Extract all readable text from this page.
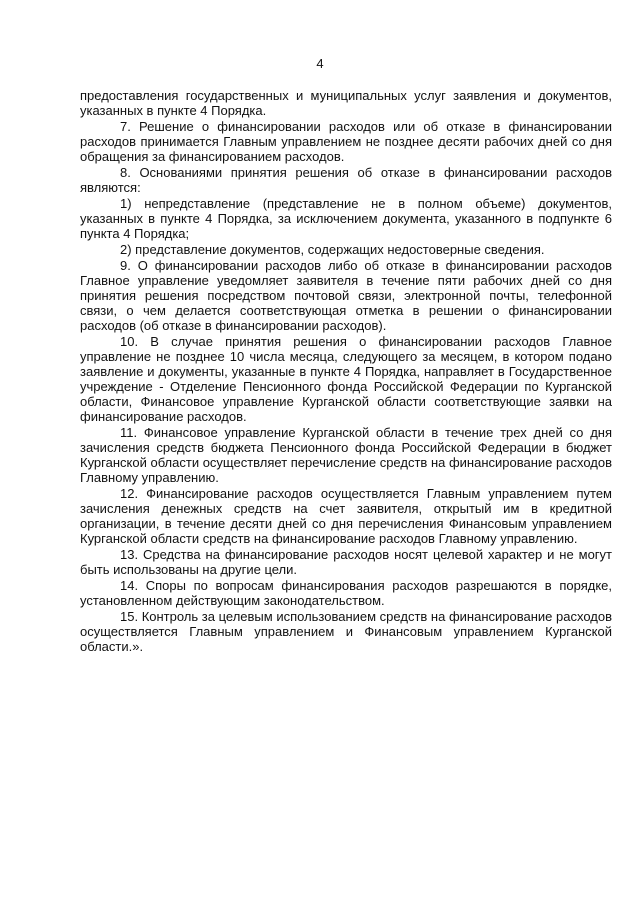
4

предоставления государственных и муниципальных услуг заявления и документов, указанных в пункте 4 Порядка.

7. Решение о финансировании расходов или об отказе в финансировании расходов принимается Главным управлением не позднее десяти рабочих дней со дня обращения за финансированием расходов.

8. Основаниями принятия решения об отказе в финансировании расходов являются:

1) непредставление (представление не в полном объеме) документов, указанных в пункте 4 Порядка, за исключением документа, указанного в подпункте 6 пункта 4 Порядка;

2) представление документов, содержащих недостоверные сведения.

9. О финансировании расходов либо об отказе в финансировании расходов Главное управление уведомляет заявителя в течение пяти рабочих дней со дня принятия решения посредством почтовой связи, электронной почты, телефонной связи, о чем делается соответствующая отметка в решении о финансировании расходов (об отказе в финансировании расходов).

10. В случае принятия решения о финансировании расходов Главное управление не позднее 10 числа месяца, следующего за месяцем, в котором подано заявление и документы, указанные в пункте 4 Порядка, направляет в Государственное учреждение - Отделение Пенсионного фонда Российской Федерации по Курганской области, Финансовое управление Курганской области соответствующие заявки на финансирование расходов.

11. Финансовое управление Курганской области в течение трех дней со дня зачисления средств бюджета Пенсионного фонда Российской Федерации в бюджет Курганской области осуществляет перечисление средств на финансирование расходов Главному управлению.

12. Финансирование расходов осуществляется Главным управлением путем зачисления денежных средств на счет заявителя, открытый им в кредитной организации, в течение десяти дней со дня перечисления Финансовым управлением Курганской области средств на финансирование расходов Главному управлению.

13. Средства на финансирование расходов носят целевой характер и не могут быть использованы на другие цели.

14. Споры по вопросам финансирования расходов разрешаются в порядке, установленном действующим законодательством.

15. Контроль за целевым использованием средств на финансирование расходов осуществляется Главным управлением и Финансовым управлением Курганской области.».
